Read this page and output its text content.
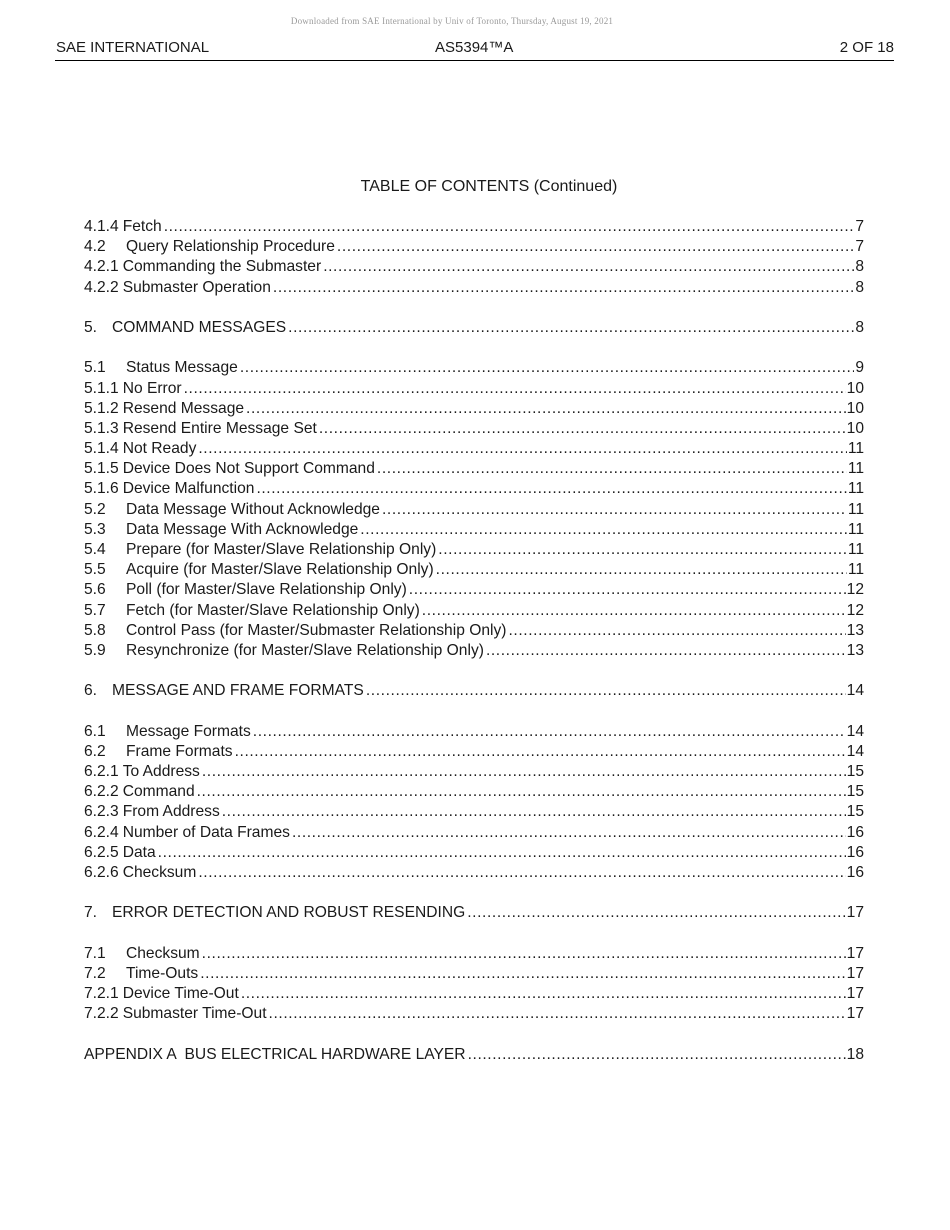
Downloaded from SAE International by Univ of Toronto, Thursday, August 19, 2021
SAE INTERNATIONAL	AS5394™A	2 OF 18
TABLE OF CONTENTS (Continued)
4.1.4 Fetch .....	7
4.2	Query Relationship Procedure .....	7
4.2.1 Commanding the Submaster .....	8
4.2.2 Submaster Operation .....	8
5. COMMAND MESSAGES .....	8
5.1	Status Message .....	9
5.1.1 No Error .....	10
5.1.2 Resend Message .....	10
5.1.3 Resend Entire Message Set .....	10
5.1.4 Not Ready .....	11
5.1.5 Device Does Not Support Command .....	11
5.1.6 Device Malfunction .....	11
5.2	Data Message Without Acknowledge .....	11
5.3	Data Message With Acknowledge .....	11
5.4	Prepare (for Master/Slave Relationship Only) .....	11
5.5	Acquire (for Master/Slave Relationship Only) .....	11
5.6	Poll (for Master/Slave Relationship Only) .....	12
5.7	Fetch (for Master/Slave Relationship Only) .....	12
5.8	Control Pass (for Master/Submaster Relationship Only) .....	13
5.9	Resynchronize (for Master/Slave Relationship Only) .....	13
6. MESSAGE AND FRAME FORMATS .....	14
6.1	Message Formats .....	14
6.2	Frame Formats .....	14
6.2.1 To Address .....	15
6.2.2 Command .....	15
6.2.3 From Address .....	15
6.2.4 Number of Data Frames .....	16
6.2.5 Data .....	16
6.2.6 Checksum .....	16
7. ERROR DETECTION AND ROBUST RESENDING .....	17
7.1	Checksum .....	17
7.2	Time-Outs .....	17
7.2.1 Device Time-Out .....	17
7.2.2 Submaster Time-Out .....	17
APPENDIX A  BUS ELECTRICAL HARDWARE LAYER .....	18
